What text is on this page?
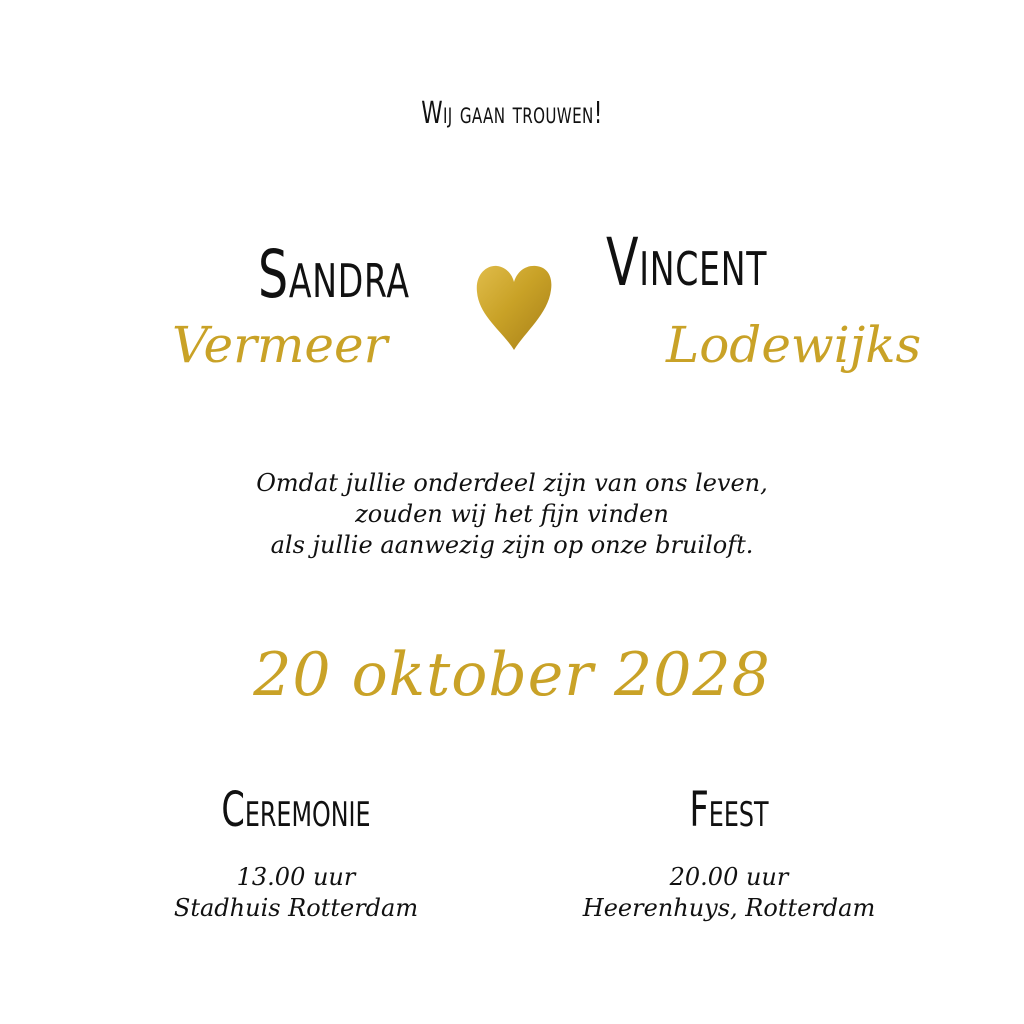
Wij gaan trouwen!
Sandra
Vermeer
Vincent
Lodewijks
Omdat jullie onderdeel zijn van ons leven,
zouden wij het fijn vinden
als jullie aanwezig zijn op onze bruiloft.
20 oktober 2028
Ceremonie
13.00 uur
Stadhuis Rotterdam
Feest
20.00 uur
Heerenhuys, Rotterdam
